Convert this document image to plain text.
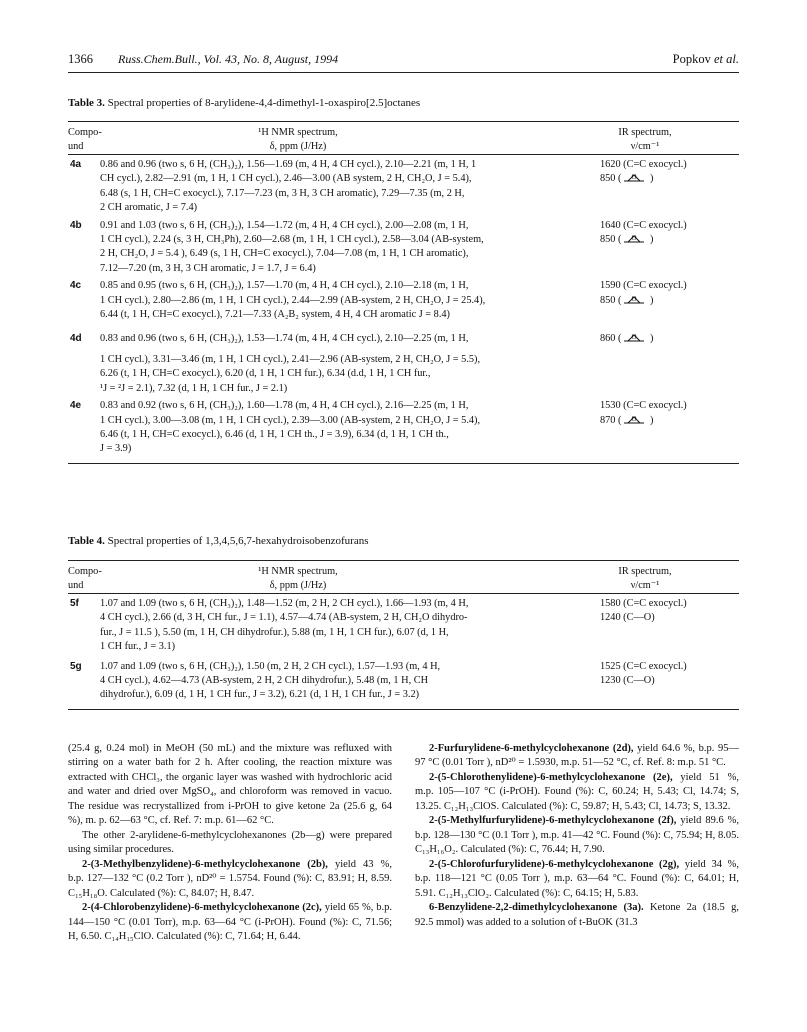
1366 Russ.Chem.Bull., Vol. 43, No. 8, August, 1994	Popkov et al.
Table 3. Spectral properties of 8-arylidene-4,4-dimethyl-1-oxaspiro[2.5]octanes
Compo-
und
¹H NMR spectrum,
δ, ppm (J/Hz)
IR spectrum,
ν/cm⁻¹
4a 0.86 and 0.96 (two s, 6 H, (CH₃)₂), 1.56—1.69 (m, 4 H, 4 CH cycl.), 2.10—2.21 (m, 1 H, 1
CH cycl.), 2.82—2.91 (m, 1 H, 1 CH cycl.), 2.46—3.00 (AB system, 2 H, CH₂O, J = 5.4),
6.48 (s, 1 H, CH=C exocycl.), 7.17—7.23 (m, 3 H, 3 CH aromatic), 7.29—7.35 (m, 2 H,
2 CH aromatic, J = 7.4)
1620 (C=C exocycl.)
850 ( O )
4b 0.91 and 1.03 (two s, 6 H, (CH₃)₂), 1.54—1.72 (m, 4 H, 4 CH cycl.), 2.00—2.08 (m, 1 H,
1 CH cycl.), 2.24 (s, 3 H, CH₃Ph), 2.60—2.68 (m, 1 H, 1 CH cycl.), 2.58—3.04 (AB-system,
2 H, CH₂O, J = 5.4 ), 6.49 (s, 1 H, CH=C exocycl.), 7.04—7.08 (m, 1 H, 1 CH aromatic),
7.12—7.20 (m, 3 H, 3 CH aromatic, J = 1.7, J = 6.4)
1640 (C=C exocycl.)
850 ( O )
4c 0.85 and 0.95 (two s, 6 H, (CH₃)₂), 1.57—1.70 (m, 4 H, 4 CH cycl.), 2.10—2.18 (m, 1 H,
1 CH cycl.), 2.80—2.86 (m, 1 H, 1 CH cycl.), 2.44—2.99 (AB-system, 2 H, CH₂O, J = 25.4),
6.44 (t, 1 H, CH=C exocycl.), 7.21—7.33 (A₂B₂ system, 4 H, 4 CH aromatic J = 8.4)
1590 (C=C exocycl.)
850 ( O )
4d 0.83 and 0.96 (two s, 6 H, (CH₃)₂), 1.53—1.74 (m, 4 H, 4 CH cycl.), 2.10—2.25 (m, 1 H,
1 CH cycl.), 3.31—3.46 (m, 1 H, 1 CH cycl.), 2.41—2.96 (AB-system, 2 H, CH₂O, J = 5.5),
6.26 (t, 1 H, CH=C exocycl.), 6.20 (d, 1 H, 1 CH fur.), 6.34 (d.d, 1 H, 1 CH fur.,
¹J = ²J = 2.1), 7.32 (d, 1 H, 1 CH fur., J = 2.1)
860 ( O )
4e 0.83 and 0.92 (two s, 6 H, (CH₃)₂), 1.60—1.78 (m, 4 H, 4 CH cycl.), 2.16—2.25 (m, 1 H,
1 CH cycl.), 3.00—3.08 (m, 1 H, 1 CH cycl.), 2.39—3.00 (AB-system, 2 H, CH₂O, J = 5.4),
6.46 (t, 1 H, CH=C exocycl.), 6.46 (d, 1 H, 1 CH th., J = 3.9), 6.34 (d, 1 H, 1 CH th.,
J = 3.9)
1530 (C=C exocycl.)
870 ( O )
Table 4. Spectral properties of 1,3,4,5,6,7-hexahydroisobenzofurans
Compo-
und
¹H NMR spectrum,
δ, ppm (J/Hz)
IR spectrum,
ν/cm⁻¹
5f 1.07 and 1.09 (two s, 6 H, (CH₃)₂), 1.48—1.52 (m, 2 H, 2 CH cycl.), 1.66—1.93 (m, 4 H,
4 CH cycl.), 2.66 (d, 3 H, CH fur., J = 1.1), 4.57—4.74 (AB-system, 2 H, CH₂O dihydro-
fur., J = 11.5 ), 5.50 (m, 1 H, CH dihydrofur.), 5.88 (m, 1 H, 1 CH fur.), 6.07 (d, 1 H,
1 CH fur., J = 3.1)
1580 (C=C exocycl.)
1240 (C—O)
5g 1.07 and 1.09 (two s, 6 H, (CH₃)₂), 1.50 (m, 2 H, 2 CH cycl.), 1.57—1.93 (m, 4 H,
4 CH cycl.), 4.62—4.73 (AB-system, 2 H, 2 CH dihydrofur.), 5.48 (m, 1 H, CH
dihydrofur.), 6.09 (d, 1 H, 1 CH fur., J = 3.2), 6.21 (d, 1 H, 1 CH fur., J = 3.2)
1525 (C=C exocycl.)
1230 (C—O)

(25.4 g, 0.24 mol) in MeOH (50 mL) and the mixture was refluxed with stirring on a water bath for 2 h. After cooling, the reaction mixture was extracted with CHCl₃, the organic layer was washed with hydrochloric acid and water and dried over MgSO₄, and chloroform was removed in vacuo. The residue was recrystallized from i-PrOH to give ketone 2a (25.6 g, 64 %), m. p. 62—63 °C, cf. Ref. 7: m.p. 61—62 °C.

The other 2-arylidene-6-methylcyclohexanones (2b—g) were prepared using similar procedures.

2-(3-Methylbenzylidene)-6-methylcyclohexanone (2b), yield 43 %, b.p. 127—132 °C (0.2 Torr ), nD²⁰ = 1.5754. Found (%): C, 83.91; H, 8.59. C₁₅H₁₈O. Calculated (%): C, 84.07; H, 8.47.

2-(4-Chlorobenzylidene)-6-methylcyclohexanone (2c), yield 65 %, b.p. 144—150 °C (0.01 Torr), m.p. 63—64 °C (i-PrOH). Found (%): C, 71.56; H, 6.50. C₁₄H₁₅ClO. Calculated (%): C, 71.64; H, 6.44.

2-Furfurylidene-6-methylcyclohexanone (2d), yield 64.6 %, b.p. 95—97 °C (0.01 Torr ), nD²⁰ = 1.5930, m.p. 51—52 °C, cf. Ref. 8: m.p. 51 °C.

2-(5-Chlorothenylidene)-6-methylcyclohexanone (2e), yield 51 %, m.p. 105—107 °C (i-PrOH). Found (%): C, 60.24; H, 5.43; Cl, 14.74; S, 13.25. C₁₂H₁₃ClOS. Calculated (%): C, 59.87; H, 5.43; Cl, 14.73; S, 13.32.

2-(5-Methylfurfurylidene)-6-methylcyclohexanone (2f), yield 89.6 %, b.p. 128—130 °C (0.1 Torr ), m.p. 41—42 °C. Found (%): C, 75.94; H, 8.05. C₁₃H₁₆O₂. Calculated (%): C, 76.44; H, 7.90.

2-(5-Chlorofurfurylidene)-6-methylcyclohexanone (2g), yield 34 %, b.p. 118—121 °C (0.05 Torr ), m.p. 63—64 °C. Found (%): C, 64.01; H, 5.91. C₁₂H₁₃ClO₂. Calculated (%): C, 64.15; H, 5.83.

6-Benzylidene-2,2-dimethylcyclohexanone (3a). Ketone 2a (18.5 g, 92.5 mmol) was added to a solution of t-BuOK (31.3
